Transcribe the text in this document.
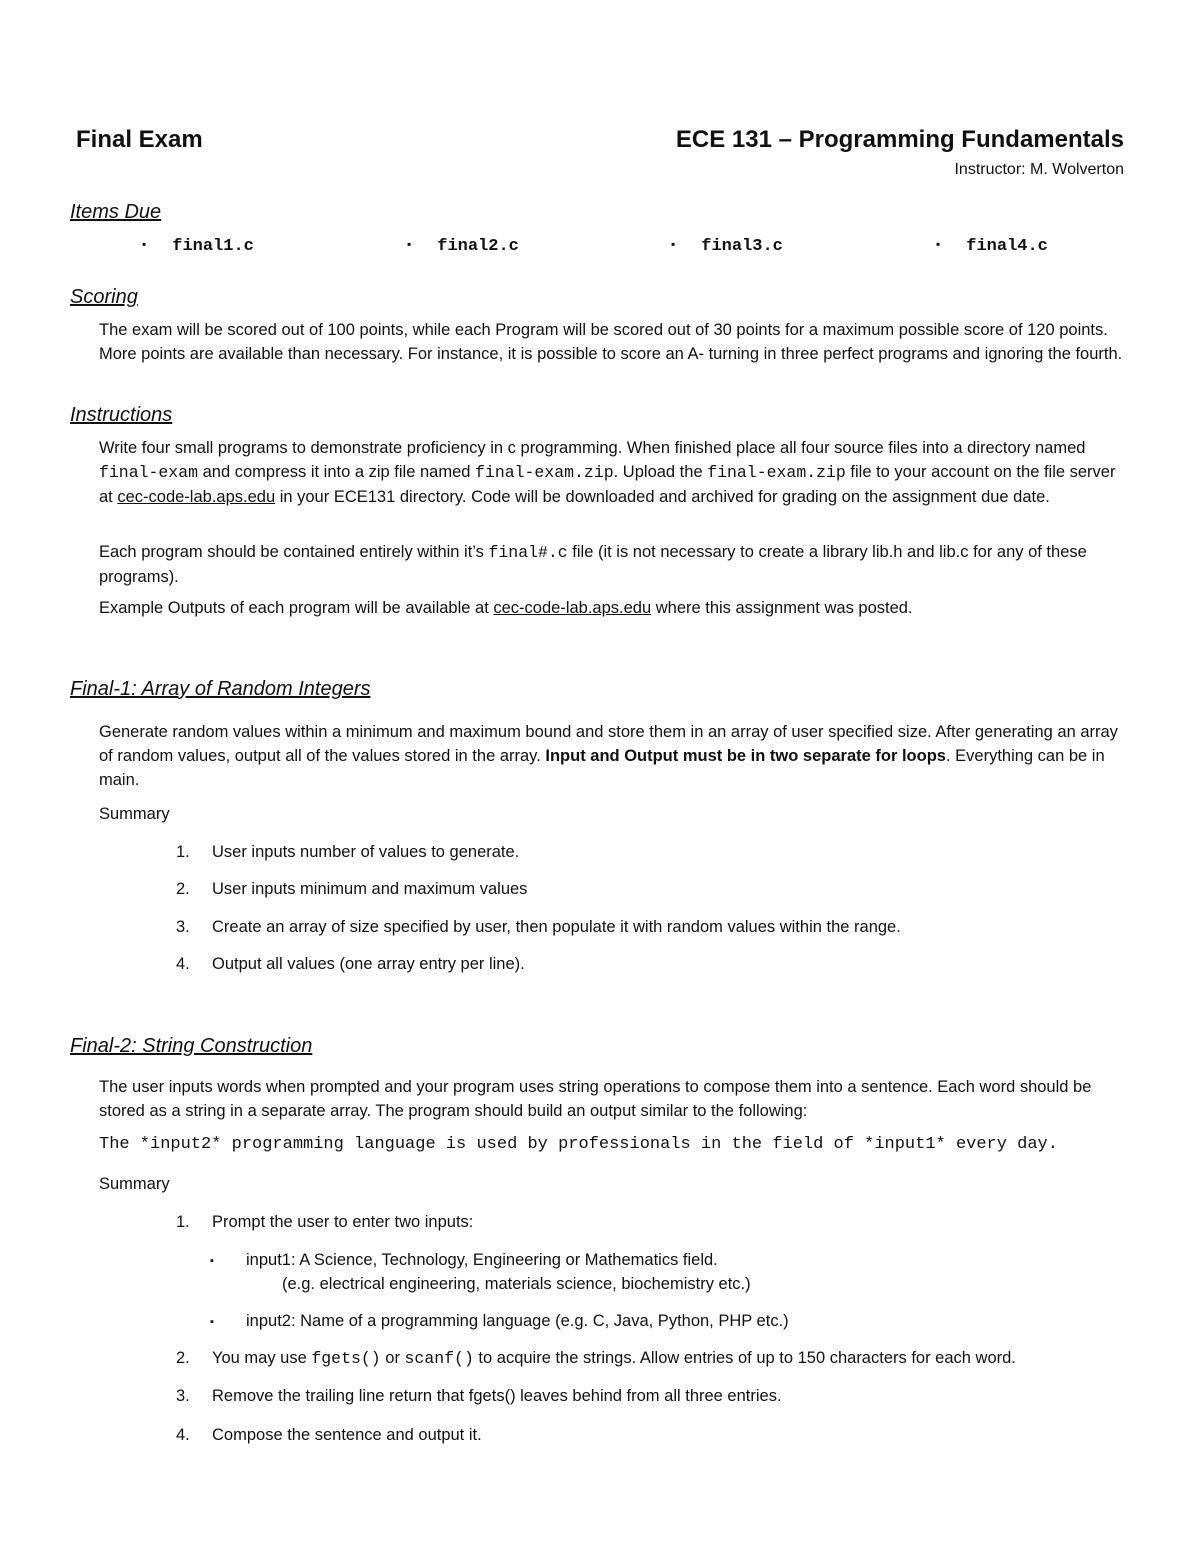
Final Exam	ECE 131 – Programming Fundamentals
Instructor: M. Wolverton
Items Due
▪ final1.c	▪ final2.c	▪ final3.c	▪ final4.c
Scoring
The exam will be scored out of 100 points, while each Program will be scored out of 30 points for a maximum possible score of 120 points. More points are available than necessary. For instance, it is possible to score an A- turning in three perfect programs and ignoring the fourth.
Instructions
Write four small programs to demonstrate proficiency in c programming. When finished place all four source files into a directory named final-exam and compress it into a zip file named final-exam.zip. Upload the final-exam.zip file to your account on the file server at cec-code-lab.aps.edu in your ECE131 directory. Code will be downloaded and archived for grading on the assignment due date.
Each program should be contained entirely within it’s final#.c file (it is not necessary to create a library lib.h and lib.c for any of these programs).
Example Outputs of each program will be available at cec-code-lab.aps.edu where this assignment was posted.
Final-1: Array of Random Integers
Generate random values within a minimum and maximum bound and store them in an array of user specified size. After generating an array of random values, output all of the values stored in the array. Input and Output must be in two separate for loops. Everything can be in main.
Summary
1.	User inputs number of values to generate.
2.	User inputs minimum and maximum values
3.	Create an array of size specified by user, then populate it with random values within the range.
4.	Output all values (one array entry per line).
Final-2: String Construction
The user inputs words when prompted and your program uses string operations to compose them into a sentence. Each word should be stored as a string in a separate array. The program should build an output similar to the following:
The *input2* programming language is used by professionals in the field of *input1* every day.
Summary
1.	Prompt the user to enter two inputs:
▪ input1: A Science, Technology, Engineering or Mathematics field.
(e.g. electrical engineering, materials science, biochemistry etc.)
▪ input2: Name of a programming language (e.g. C, Java, Python, PHP etc.)
2.	You may use fgets() or scanf() to acquire the strings. Allow entries of up to 150 characters for each word.
3.	Remove the trailing line return that fgets() leaves behind from all three entries.
4.	Compose the sentence and output it.
